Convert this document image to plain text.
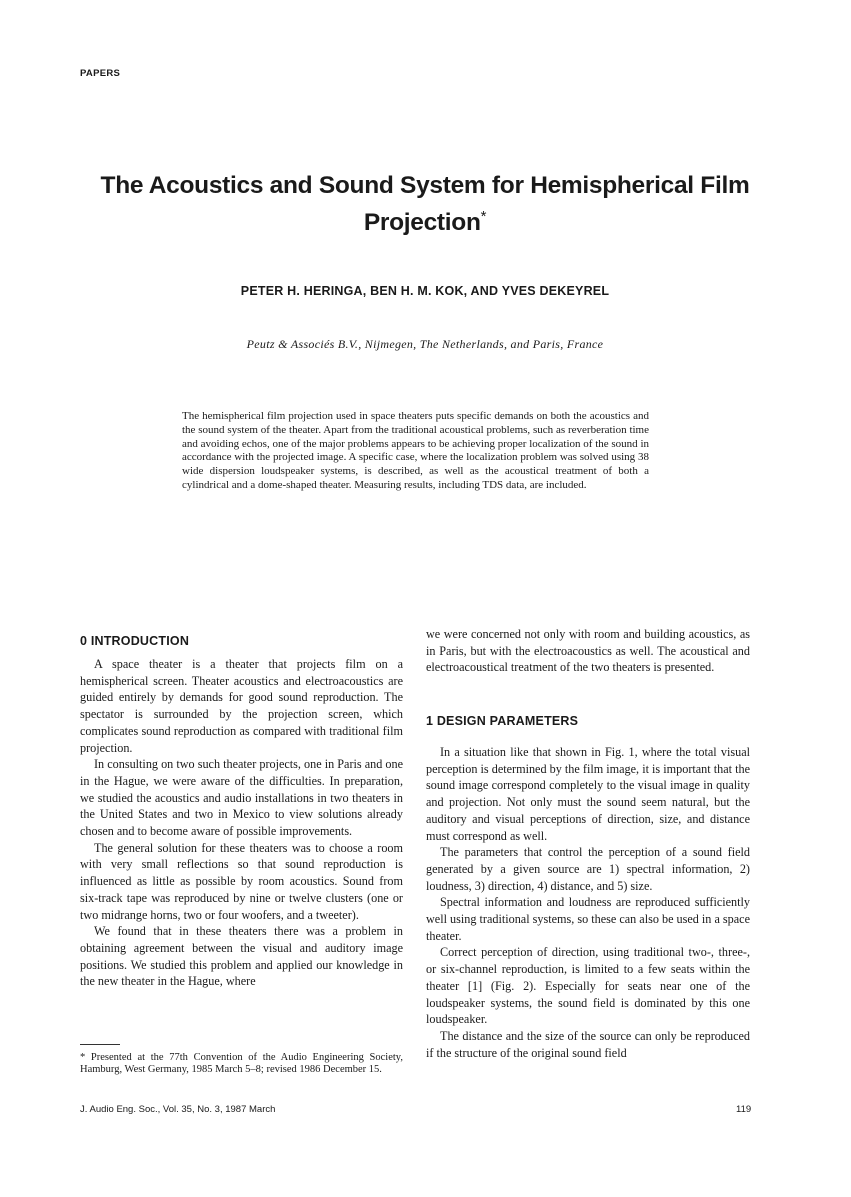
PAPERS
The Acoustics and Sound System for Hemispherical Film Projection*
PETER H. HERINGA, BEN H. M. KOK, AND YVES DEKEYREL
Peutz & Associés B.V., Nijmegen, The Netherlands, and Paris, France
The hemispherical film projection used in space theaters puts specific demands on both the acoustics and the sound system of the theater. Apart from the traditional acoustical problems, such as reverberation time and avoiding echos, one of the major problems appears to be achieving proper localization of the sound in accordance with the projected image. A specific case, where the localization problem was solved using 38 wide dispersion loudspeaker systems, is described, as well as the acoustical treatment of both a cylindrical and a dome-shaped theater. Measuring results, including TDS data, are included.
0 INTRODUCTION

A space theater is a theater that projects film on a hemispherical screen. Theater acoustics and electroacoustics are guided entirely by demands for good sound reproduction. The spectator is surrounded by the projection screen, which complicates sound reproduction as compared with traditional film projection.

In consulting on two such theater projects, one in Paris and one in the Hague, we were aware of the difficulties. In preparation, we studied the acoustics and audio installations in two theaters in the United States and two in Mexico to view solutions already chosen and to become aware of possible improvements.

The general solution for these theaters was to choose a room with very small reflections so that sound reproduction is influenced as little as possible by room acoustics. Sound from six-track tape was reproduced by nine or twelve clusters (one or two midrange horns, two or four woofers, and a tweeter).

We found that in these theaters there was a problem in obtaining agreement between the visual and auditory image positions. We studied this problem and applied our knowledge in the new theater in the Hague, where

we were concerned not only with room and building acoustics, as in Paris, but with the electroacoustics as well. The acoustical and electroacoustical treatment of the two theaters is presented.

1 DESIGN PARAMETERS

In a situation like that shown in Fig. 1, where the total visual perception is determined by the film image, it is important that the sound image correspond completely to the visual image in quality and projection. Not only must the sound seem natural, but the auditory and visual perceptions of direction, size, and distance must correspond as well.

The parameters that control the perception of a sound field generated by a given source are 1) spectral information, 2) loudness, 3) direction, 4) distance, and 5) size.

Spectral information and loudness are reproduced sufficiently well using traditional systems, so these can also be used in a space theater.

Correct perception of direction, using traditional two-, three-, or six-channel reproduction, is limited to a few seats within the theater [1] (Fig. 2). Especially for seats near one of the loudspeaker systems, the sound field is dominated by this one loudspeaker.

The distance and the size of the source can only be reproduced if the structure of the original sound field

* Presented at the 77th Convention of the Audio Engineering Society, Hamburg, West Germany, 1985 March 5–8; revised 1986 December 15.
J. Audio Eng. Soc., Vol. 35, No. 3, 1987 March	119
